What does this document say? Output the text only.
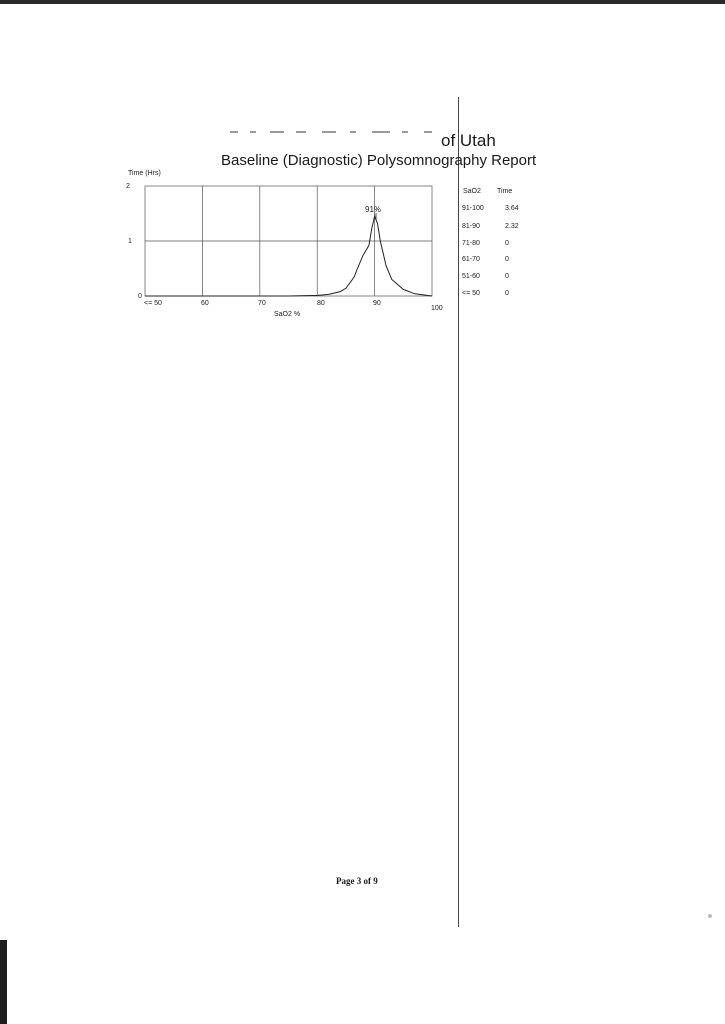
of Utah
Baseline (Diagnostic) Polysomnography Report
Time (Hrs)
2
1
0
91%
<= 50	60	70	80	90
100
SaO2 %
SaO2 Time
91-100	3.64
81-90	2.32
71-80	0
61-70	0
51-60	0
<= 50	0
Page 3 of 9
